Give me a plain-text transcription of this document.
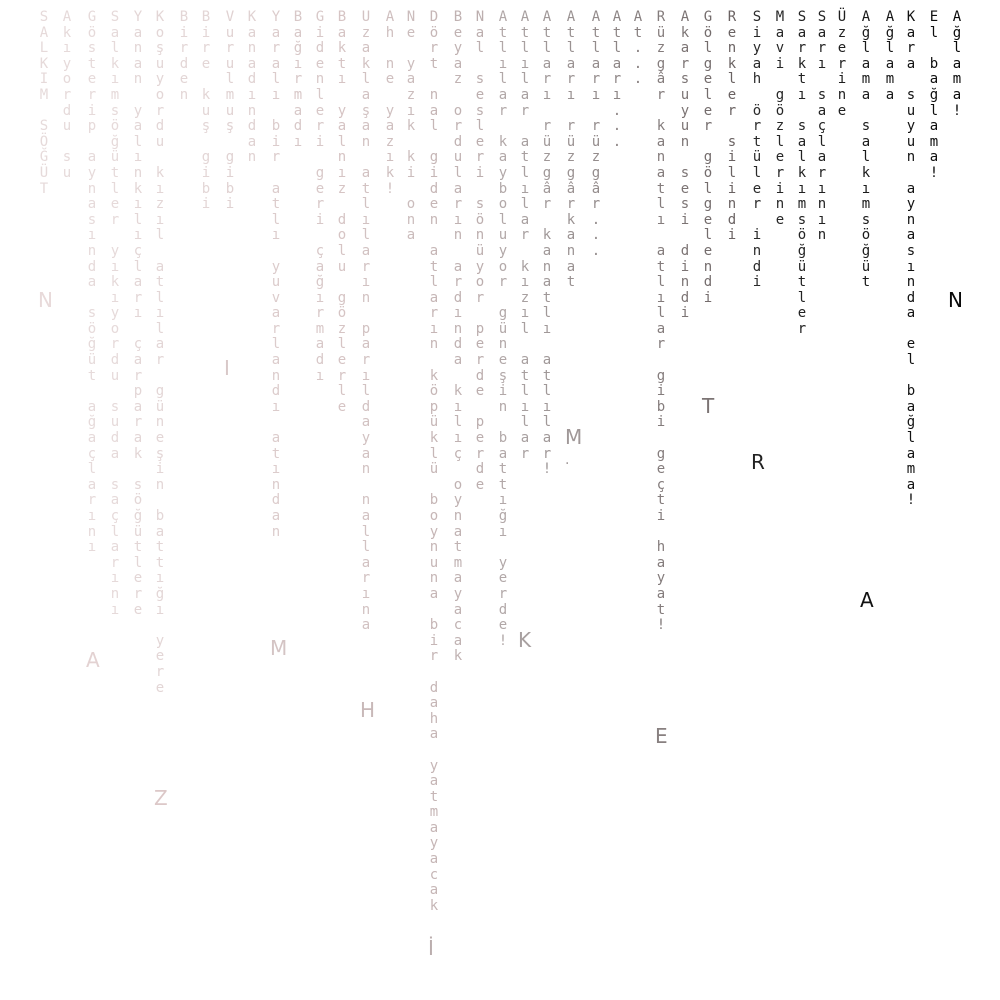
S
A
L
K
I
M

S
Ö
Ğ
Ü
T
A
k
ı
y
o
r
d
u

s
u
G
ö
s
t
e
r
i
p

a
y
n
a
s
ı
n
d
a

s
ö
ğ
ü
t

a
ğ
a
ç
l
a
r
ı
n
ı
S
a
l
k
ı
m
s
ö
ğ
ü
t
l
e
r

y
ı
k
ı
y
o
r
d
u

s
u
d
a

s
a
ç
l
a
r
ı
n
ı
Y
a
n
a
n

y
a
l
ı
n
k
ı
l
ı
ç
l
a
r
ı

ç
a
r
p
a
r
a
k

s
ö
ğ
ü
t
l
e
r
e
K
o
ş
u
y
o
r
d
u

k
ı
z
ı
l

a
t
l
ı
l
a
r

g
ü
n
e
ş
i
n

b
a
t
t
ı
ğ
ı

y
e
r
e
B
i
r
d
e
n
B
i
r
e

k
u
ş

g
i
b
i
V
u
r
u
l
m
u
ş

g
i
b
i
K
a
n
a
d
ı
n
d
a
n
Y
a
r
a
l
ı

b
i
r

a
t
l
ı

y
u
v
a
r
l
a
n
d
ı

a
t
ı
n
d
a
n
B
a
ğ
ı
r
m
a
d
ı
G
i
d
e
n
l
e
r
i

g
e
r
i

ç
a
ğ
ı
r
m
a
d
ı
B
a
k
t
ı

y
a
l
n
ı
z

d
o
l
u

g
ö
z
l
e
r
l
e
U
z
a
k
l
a
ş
a
n

a
t
l
ı
l
a
r
ı
n

p
a
r
ı
l
d
a
y
a
n

n
a
l
l
a
r
ı
n
a
A
h

n
e

y
a
z
ı
k
!
N
e

y
a
z
ı
k

k
i

o
n
a
D
ö
r
t

n
a
l

g
i
d
e
n

a
t
l
a
r
ı
n

k
ö
p
ü
k
l
ü

b
o
y
n
u
n
a

b
i
r

d
a
h
a

y
a
t
m
a
y
a
c
a
k
B
e
y
a
z

o
r
d
u
l
a
r
ı
n

a
r
d
ı
n
d
a

k
ı
l
ı
ç

o
y
n
a
t
m
a
y
a
c
a
k
N
a
l

s
e
s
l
e
r
i

s
ö
n
ü
y
o
r

p
e
r
d
e

p
e
r
d
e
A
t
l
ı
l
a
r

k
a
y
b
o
l
u
y
o
r

g
ü
n
e
ş
i
n

b
a
t
t
ı
ğ
ı

y
e
r
d
e
!
A
t
l
ı
l
a
r

a
t
l
ı
l
a
r

k
ı
z
ı
l

a
t
l
ı
l
a
r
A
t
l
a
r
ı

r
ü
z
g
â
r

k
a
n
a
t
l
ı

a
t
l
ı
l
a
r
!
A
t
l
a
r
ı

r
ü
z
g
â
r
k
a
n
a
t
A
t
l
a
r
ı

r
ü
z
g
â
r
.
.
.
A
t
l
a
r
ı
.
.
.
A
t
.
.
.
R
ü
z
g
â
r

k
a
n
a
t
l
ı

a
t
l
ı
l
a
r

g
i
b
i

g
e
ç
t
i

h
a
y
a
t
!
A
k
a
r
s
u
y
u
n

s
e
s
i

d
i
n
d
i
G
ö
l
g
e
l
e
r

g
ö
l
g
e
l
e
n
d
i
R
e
n
k
l
e
r

s
i
l
i
n
d
i
S
i
y
a
h

ö
r
t
ü
l
e
r

i
n
d
i
M
a
v
i

g
ö
z
l
e
r
i
n
e
S
a
r
k
t
ı

s
a
l
k
ı
m
s
ö
ğ
ü
t
l
e
r
S
a
r
ı

s
a
ç
l
a
r
ı
n
ı
n
Ü
z
e
r
i
n
e
A
ğ
l
a
m
a

s
a
l
k
ı
m
s
ö
ğ
ü
t
A
ğ
l
a
m
a
K
a
r
a

s
u
y
u
n

a
y
n
a
s
ı
n
d
a

e
l

b
a
ğ
l
a
m
a
!
E
l

b
a
ğ
l
a
m
a
!
A
ğ
l
a
m
a
!
N
A
Z
I
M
H
İ
K
M
.
E
T
R
A
N
